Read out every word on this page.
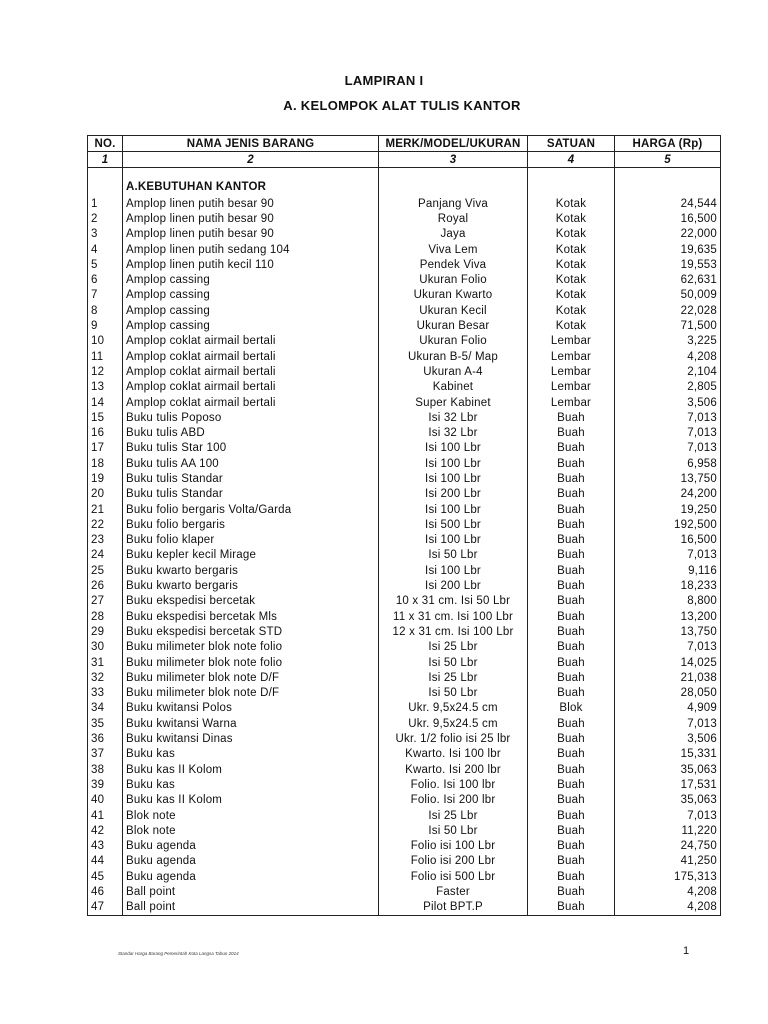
LAMPIRAN I
A. KELOMPOK ALAT TULIS KANTOR
NO.	NAMA JENIS BARANG	MERK/MODEL/UKURAN	SATUAN	HARGA (Rp)
1	2	3	4	5
	A.KEBUTUHAN KANTOR			
1	Amplop linen putih besar 90	Panjang Viva	Kotak	24,544
2	Amplop linen putih besar 90	Royal	Kotak	16,500
3	Amplop linen putih besar 90	Jaya	Kotak	22,000
4	Amplop linen putih sedang 104	Viva Lem	Kotak	19,635
5	Amplop linen putih kecil 110	Pendek Viva	Kotak	19,553
6	Amplop cassing	Ukuran Folio	Kotak	62,631
7	Amplop cassing	Ukuran Kwarto	Kotak	50,009
8	Amplop cassing	Ukuran Kecil	Kotak	22,028
9	Amplop cassing	Ukuran Besar	Kotak	71,500
10	Amplop coklat airmail bertali	Ukuran Folio	Lembar	3,225
11	Amplop coklat airmail bertali	Ukuran B-5/ Map	Lembar	4,208
12	Amplop coklat airmail bertali	Ukuran A-4	Lembar	2,104
13	Amplop coklat airmail bertali	Kabinet	Lembar	2,805
14	Amplop coklat airmail bertali	Super Kabinet	Lembar	3,506
15	Buku tulis Poposo	Isi 32 Lbr	Buah	7,013
16	Buku tulis ABD	Isi 32 Lbr	Buah	7,013
17	Buku tulis Star 100	Isi 100 Lbr	Buah	7,013
18	Buku tulis AA 100	Isi 100 Lbr	Buah	6,958
19	Buku tulis Standar	Isi 100 Lbr	Buah	13,750
20	Buku tulis Standar	Isi 200 Lbr	Buah	24,200
21	Buku folio bergaris Volta/Garda	Isi 100 Lbr	Buah	19,250
22	Buku folio bergaris	Isi 500 Lbr	Buah	192,500
23	Buku folio klaper	Isi 100 Lbr	Buah	16,500
24	Buku kepler kecil Mirage	Isi 50 Lbr	Buah	7,013
25	Buku kwarto bergaris	Isi 100 Lbr	Buah	9,116
26	Buku kwarto bergaris	Isi 200 Lbr	Buah	18,233
27	Buku ekspedisi bercetak	10 x 31 cm. Isi 50 Lbr	Buah	8,800
28	Buku ekspedisi bercetak Mls	11 x 31 cm. Isi 100 Lbr	Buah	13,200
29	Buku ekspedisi bercetak STD	12 x 31 cm. Isi 100 Lbr	Buah	13,750
30	Buku milimeter blok note folio	Isi 25 Lbr	Buah	7,013
31	Buku milimeter blok note folio	Isi 50 Lbr	Buah	14,025
32	Buku milimeter blok note D/F	Isi 25 Lbr	Buah	21,038
33	Buku milimeter blok note D/F	Isi 50 Lbr	Buah	28,050
34	Buku kwitansi Polos	Ukr. 9,5x24.5 cm	Blok	4,909
35	Buku kwitansi Warna	Ukr. 9,5x24.5 cm	Buah	7,013
36	Buku kwitansi Dinas	Ukr. 1/2 folio isi 25 lbr	Buah	3,506
37	Buku kas	Kwarto. Isi 100 lbr	Buah	15,331
38	Buku kas II Kolom	Kwarto. Isi 200 lbr	Buah	35,063
39	Buku kas	Folio. Isi 100 lbr	Buah	17,531
40	Buku kas II Kolom	Folio. Isi 200 lbr	Buah	35,063
41	Blok note	Isi 25 Lbr	Buah	7,013
42	Blok note	Isi 50 Lbr	Buah	11,220
43	Buku agenda	Folio isi 100 Lbr	Buah	24,750
44	Buku agenda	Folio isi 200 Lbr	Buah	41,250
45	Buku agenda	Folio isi 500 Lbr	Buah	175,313
46	Ball point	Faster	Buah	4,208
47	Ball point	Pilot BPT.P	Buah	4,208
Standar Harga Barang Pemerintah Kota Langsa Tahun 2014	1
